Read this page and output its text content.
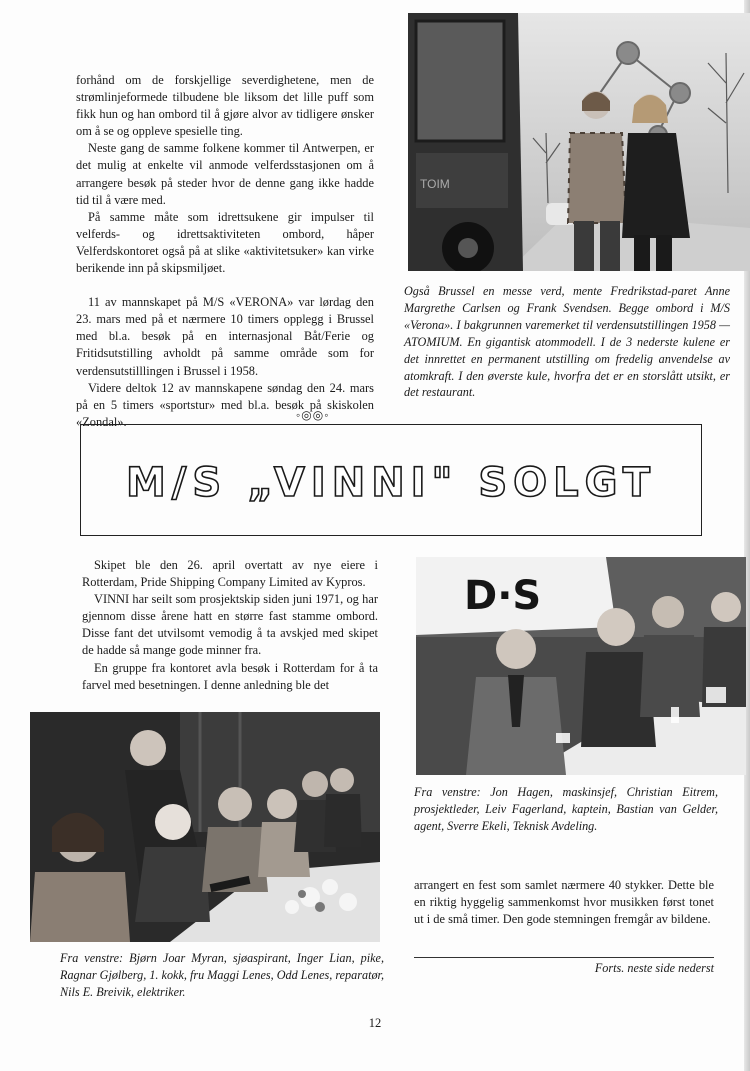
forhånd om de forskjellige severdighetene, men de strømlinjeformede tilbudene ble liksom det lille puff som fikk hun og han ombord til å gjøre alvor av tidligere ønsker om å se og oppleve spesielle ting.

Neste gang de samme folkene kommer til Antwerpen, er det mulig at enkelte vil anmode velferdsstasjonen om å arrangere besøk på steder hvor de denne gang ikke hadde tid til å være med.

På samme måte som idrettsukene gir impulser til velferds- og idrettsaktiviteten ombord, håper Velferdskontoret også på at slike «aktivitetsuker» kan virke berikende inn på skipsmiljøet.

11 av mannskapet på M/S «VERONA» var lørdag den 23. mars med på et nærmere 10 timers opplegg i Brussel med bl.a. besøk på en internasjonal Båt/Ferie og Fritidsutstilling avholdt på samme område som for verdensutstilllingen i Brussel i 1958.

Videre deltok 12 av mannskapene søndag den 24. mars på en 5 timers «sportstur» med bl.a. besøk på skiskolen «Zondal».	◦◎◎◦
TOIM
Også Brussel en messe verd, mente Fredrikstad-paret Anne Margrethe Carlsen og Frank Svendsen. Begge ombord i M/S «Verona». I bakgrunnen varemerket til verdensutstillingen 1958 — ATOMIUM. En gigantisk atommodell. I de 3 nederste kulene er det innrettet en permanent utstilling om fredelig anvendelse av atomkraft. I den øverste kule, hvorfra det er en storslått utsikt, er det restaurant.
M/S „VINNI" SOLGT

Skipet ble den 26. april overtatt av nye eiere i Rotterdam, Pride Shipping Company Limited av Kypros.

VINNI har seilt som prosjektskip siden juni 1971, og har gjennom disse årene hatt en større fast stamme ombord. Disse fant det utvilsomt vemodig å ta avskjed med skipet de hadde så mange gode minner fra.

En gruppe fra kontoret avla besøk i Rotterdam for å ta farvel med besetningen. I denne anledning ble det

D·S
Fra venstre: Jon Hagen, maskinsjef, Christian Eitrem, prosjektleder, Leiv Fagerland, kaptein, Bastian van Gelder, agent, Sverre Ekeli, Teknisk Avdeling.

arrangert en fest som samlet nærmere 40 stykker. Dette ble en riktig hyggelig sammenkomst hvor musikken først tonet ut i de små timer. Den gode stemningen fremgår av bildene.

Forts. neste side nederst
Fra venstre: Bjørn Joar Myran, sjøaspirant, Inger Lian, pike, Ragnar Gjølberg, 1. kokk, fru Maggi Lenes, Odd Lenes, reparatør, Nils E. Breivik, elektriker.
12
